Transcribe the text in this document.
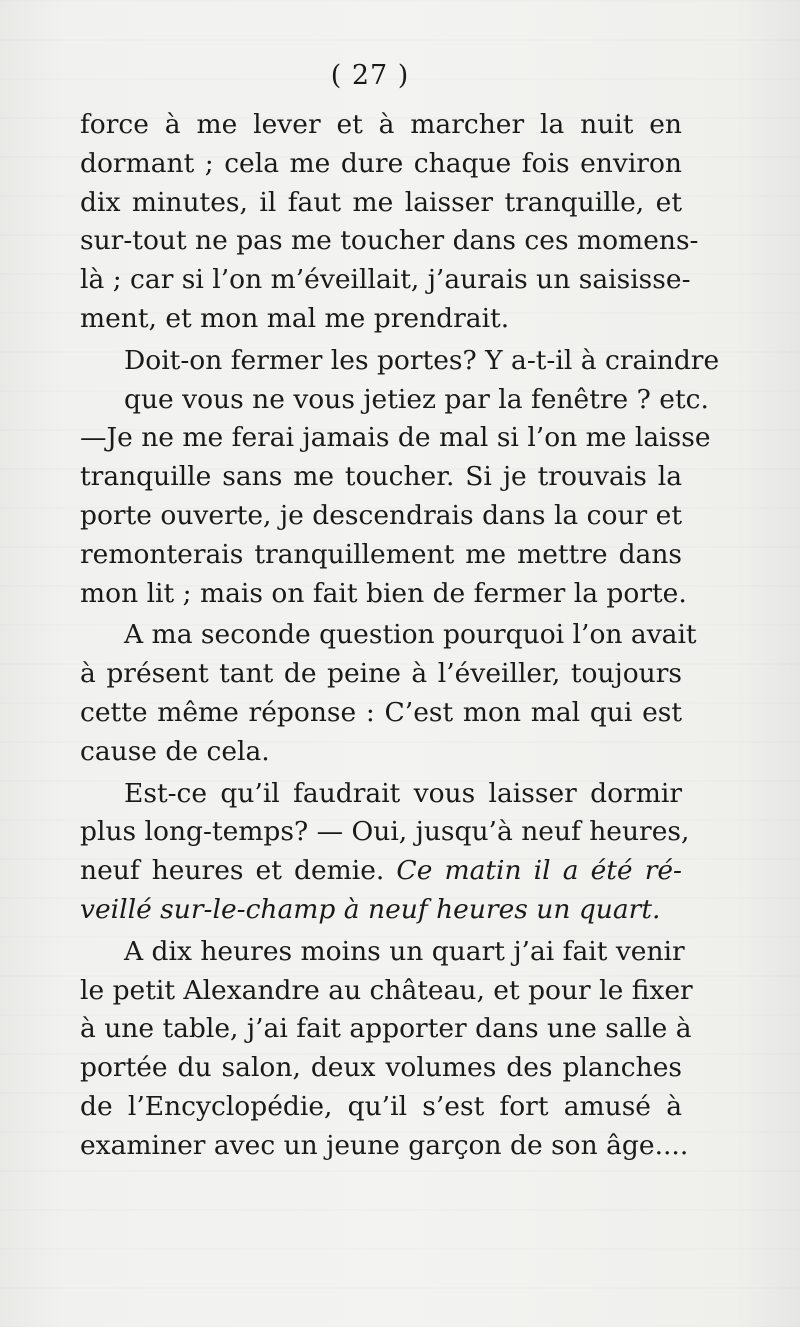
( 27 )

force à me lever et à marcher la nuit en
dormant ; cela me dure chaque fois environ
dix minutes, il faut me laisser tranquille, et
sur-tout ne pas me toucher dans ces momens-
là ; car si l’on m’éveillait, j’aurais un saisisse-
ment, et mon mal me prendrait.

Doit-on fermer les portes? Y a-t-il à craindre
que vous ne vous jetiez par la fenêtre ? etc.
—Je ne me ferai jamais de mal si l’on me laisse
tranquille sans me toucher. Si je trouvais la
porte ouverte, je descendrais dans la cour et
remonterais tranquillement me mettre dans
mon lit ; mais on fait bien de fermer la porte.

A ma seconde question pourquoi l’on avait
à présent tant de peine à l’éveiller, toujours
cette même réponse : C’est mon mal qui est
cause de cela.

Est-ce qu’il faudrait vous laisser dormir
plus long-temps? — Oui, jusqu’à neuf heures,
neuf heures et demie. Ce matin il a été ré-
veillé sur-le-champ à neuf heures un quart.

A dix heures moins un quart j’ai fait venir
le petit Alexandre au château, et pour le fixer
à une table, j’ai fait apporter dans une salle à
portée du salon, deux volumes des planches
de l’Encyclopédie, qu’il s’est fort amusé à
examiner avec un jeune garçon de son âge....
